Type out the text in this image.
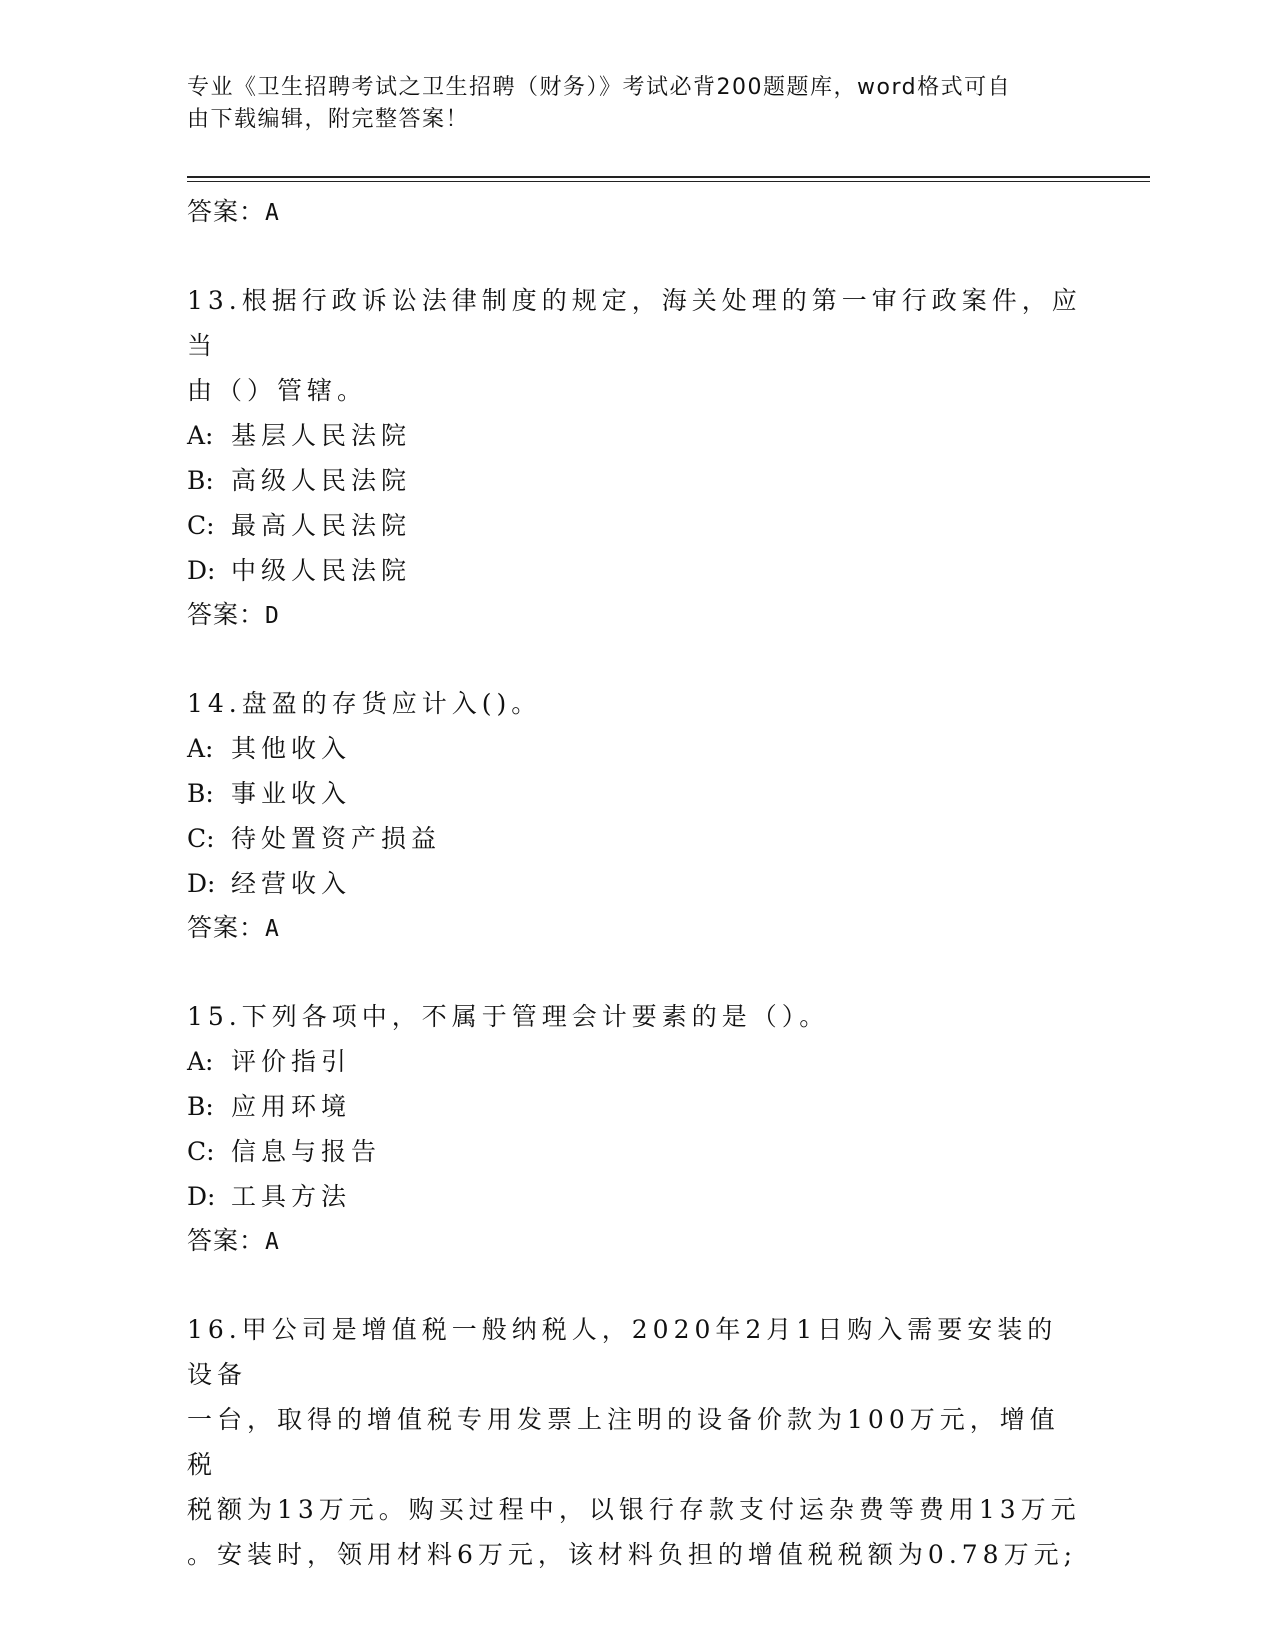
专业《卫生招聘考试之卫生招聘（财务）》考试必背200题题库，word格式可自
由下载编辑，附完整答案！
答案：A
13.根据行政诉讼法律制度的规定，海关处理的第一审行政案件，应当
由（）管辖。
A: 基层人民法院
B: 高级人民法院
C: 最高人民法院
D: 中级人民法院
答案：D
14.盘盈的存货应计入()。
A: 其他收入
B: 事业收入
C: 待处置资产损益
D: 经营收入
答案：A
15.下列各项中，不属于管理会计要素的是（）。
A: 评价指引
B: 应用环境
C: 信息与报告
D: 工具方法
答案：A
16.甲公司是增值税一般纳税人，2020年2月1日购入需要安装的设备
一台，取得的增值税专用发票上注明的设备价款为100万元，增值税
税额为13万元。购买过程中，以银行存款支付运杂费等费用13万元
。安装时，领用材料6万元，该材料负担的增值税税额为0.78万元;
